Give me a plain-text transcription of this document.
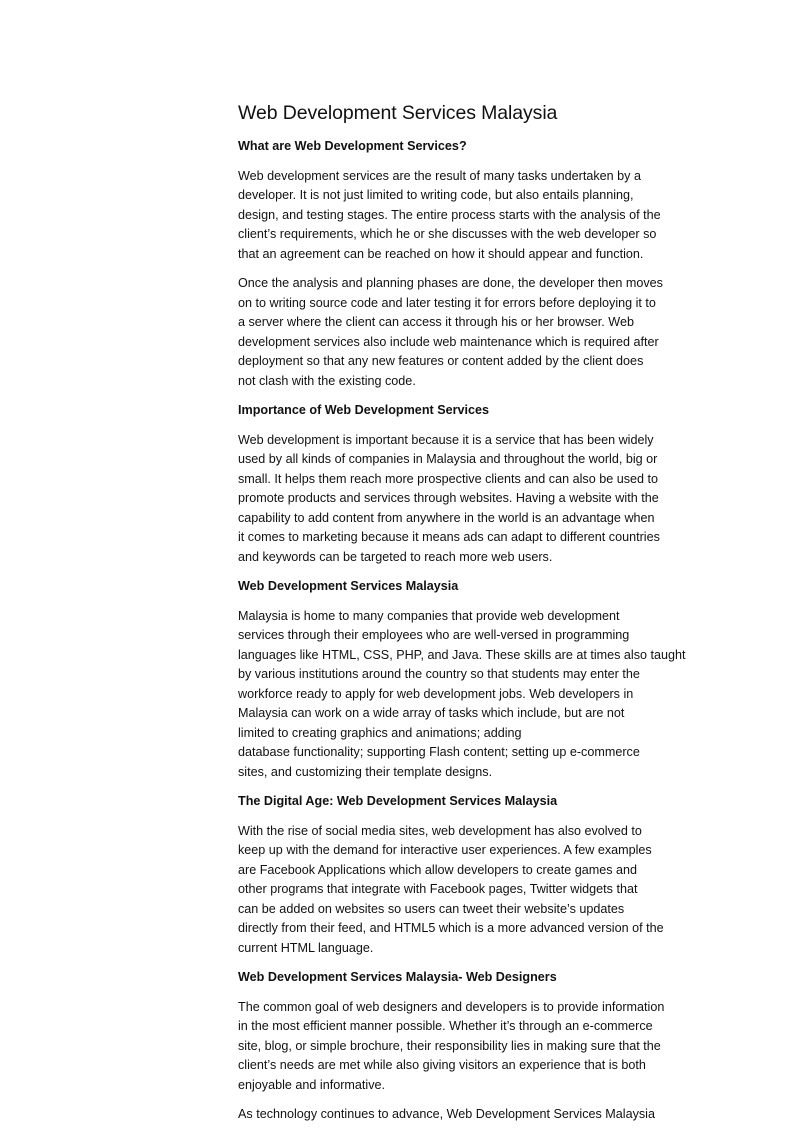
Web Development Services Malaysia
What are Web Development Services?

Web development services are the result of many tasks undertaken by a
developer. It is not just limited to writing code, but also entails planning,
design, and testing stages. The entire process starts with the analysis of the
client’s requirements, which he or she discusses with the web developer so
that an agreement can be reached on how it should appear and function.

Once the analysis and planning phases are done, the developer then moves
on to writing source code and later testing it for errors before deploying it to
a server where the client can access it through his or her browser. Web
development services also include web maintenance which is required after
deployment so that any new features or content added by the client does
not clash with the existing code.

Importance of Web Development Services

Web development is important because it is a service that has been widely
used by all kinds of companies in Malaysia and throughout the world, big or
small. It helps them reach more prospective clients and can also be used to
promote products and services through websites. Having a website with the
capability to add content from anywhere in the world is an advantage when
it comes to marketing because it means ads can adapt to different countries
and keywords can be targeted to reach more web users.

Web Development Services Malaysia

Malaysia is home to many companies that provide web development
services through their employees who are well-versed in programming
languages like HTML, CSS, PHP, and Java. These skills are at times also taught
by various institutions around the country so that students may enter the
workforce ready to apply for web development jobs. Web developers in
Malaysia can work on a wide array of tasks which include, but are not
limited to creating graphics and animations; adding
database functionality; supporting Flash content; setting up e-commerce
sites, and customizing their template designs.

The Digital Age: Web Development Services Malaysia

With the rise of social media sites, web development has also evolved to
keep up with the demand for interactive user experiences. A few examples
are Facebook Applications which allow developers to create games and
other programs that integrate with Facebook pages, Twitter widgets that
can be added on websites so users can tweet their website’s updates
directly from their feed, and HTML5 which is a more advanced version of the
current HTML language.

Web Development Services Malaysia- Web Designers

The common goal of web designers and developers is to provide information
in the most efficient manner possible. Whether it’s through an e-commerce
site, blog, or simple brochure, their responsibility lies in making sure that the
client’s needs are met while also giving visitors an experience that is both
enjoyable and informative.

As technology continues to advance, Web Development Services Malaysia
